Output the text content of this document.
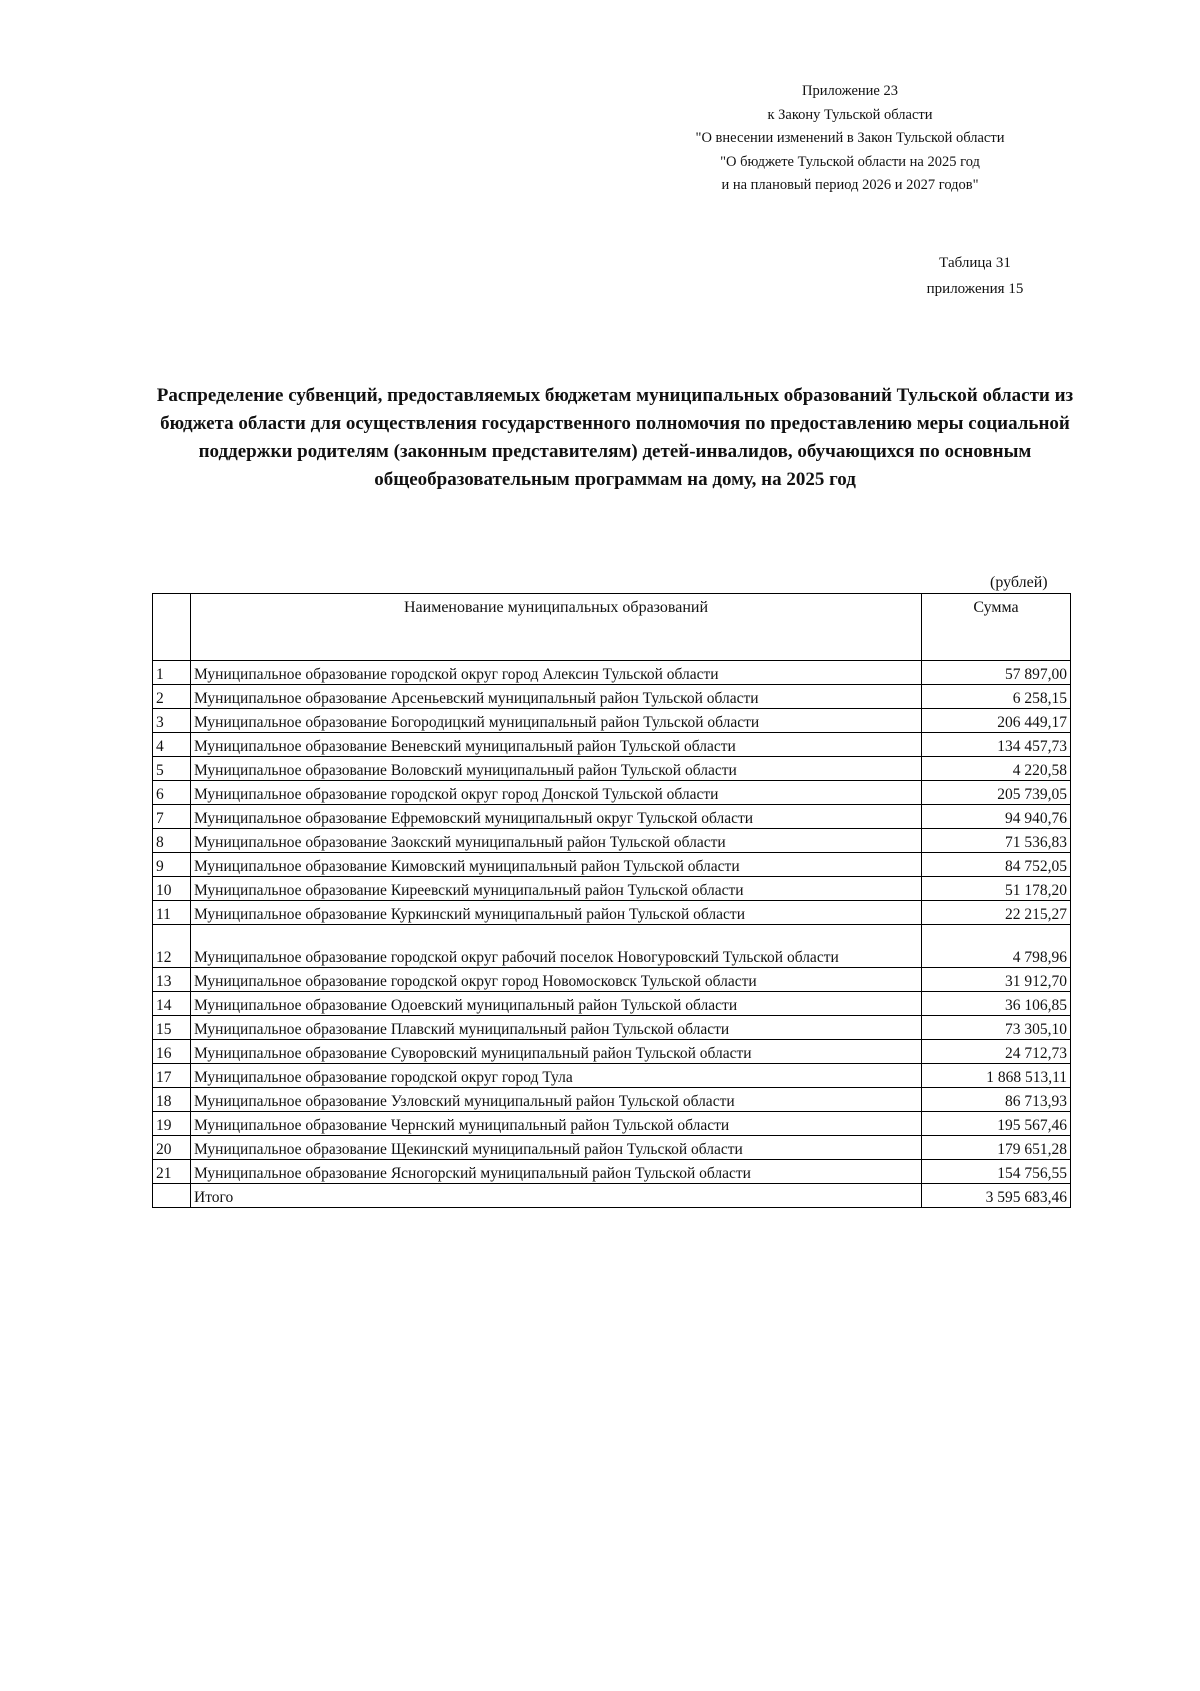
Приложение 23
к Закону Тульской области
"О внесении изменений в Закон Тульской области
"О бюджете Тульской области на 2025 год
и на плановый период 2026 и 2027 годов"
Таблица 31
приложения 15
Распределение субвенций, предоставляемых бюджетам муниципальных образований Тульской области из бюджета области для осуществления государственного полномочия по предоставлению меры социальной поддержки родителям (законным представителям) детей-инвалидов, обучающихся по основным общеобразовательным программам на дому, на 2025 год
(рублей)
	Наименование муниципальных образований	Сумма
1	Муниципальное образование городской округ город Алексин Тульской области	57 897,00
2	Муниципальное образование Арсеньевский муниципальный район Тульской области	6 258,15
3	Муниципальное образование Богородицкий муниципальный район Тульской области	206 449,17
4	Муниципальное образование Веневский муниципальный район Тульской области	134 457,73
5	Муниципальное образование Воловский муниципальный район Тульской области	4 220,58
6	Муниципальное образование городской округ город Донской Тульской области	205 739,05
7	Муниципальное образование Ефремовский муниципальный округ Тульской области	94 940,76
8	Муниципальное образование Заокский муниципальный район Тульской области	71 536,83
9	Муниципальное образование Кимовский муниципальный район Тульской области	84 752,05
10	Муниципальное образование Киреевский муниципальный район Тульской области	51 178,20
11	Муниципальное образование Куркинский муниципальный район Тульской области	22 215,27
12	Муниципальное образование городской округ рабочий поселок Новогуровский Тульской области	4 798,96
13	Муниципальное образование городской округ город Новомосковск Тульской области	31 912,70
14	Муниципальное образование Одоевский муниципальный район Тульской области	36 106,85
15	Муниципальное образование Плавский муниципальный район Тульской области	73 305,10
16	Муниципальное образование Суворовский муниципальный район Тульской области	24 712,73
17	Муниципальное образование городской округ город Тула	1 868 513,11
18	Муниципальное образование Узловский муниципальный район Тульской области	86 713,93
19	Муниципальное образование Чернский муниципальный район Тульской области	195 567,46
20	Муниципальное образование Щекинский муниципальный район Тульской области	179 651,28
21	Муниципальное образование Ясногорский муниципальный район Тульской области	154 756,55
	Итого	3 595 683,46
